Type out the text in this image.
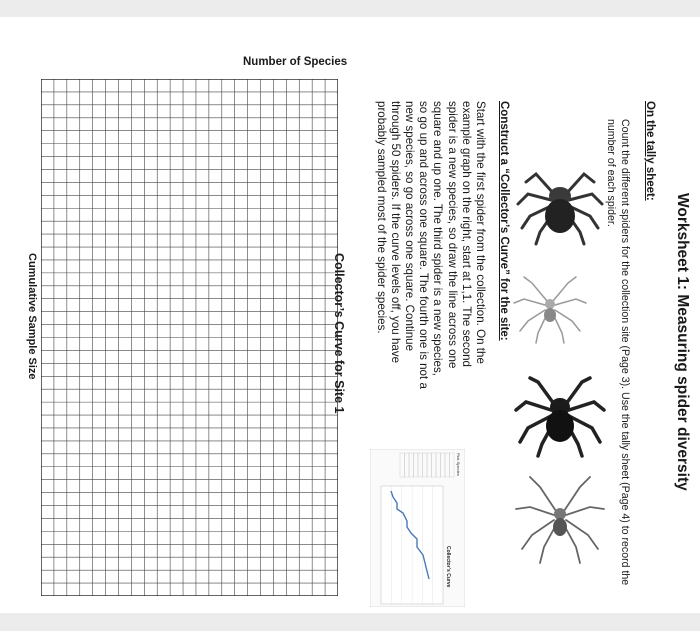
Worksheet 1: Measuring spider diversity
On the tally sheet:
Count the different spiders for the collection site (Page 3). Use the tally sheet (Page 4) to record the number of each spider.
Construct a “Collector’s Curve” for the site:
Start with the first spider from the collection. On the example graph on the right, start at 1,1. The second spider is a new species, so draw the line across one square and up one. The third spider is a new species, so go up and across one square. The fourth one is not a new species, so go across one square. Continue through 50 spiders. If the curve levels off, you have probably sampled most of the spider species.
Collector’s Curve for Site 1
Number of Species
Cumulative Sample Size
Pick Species
Collector’s Curve
